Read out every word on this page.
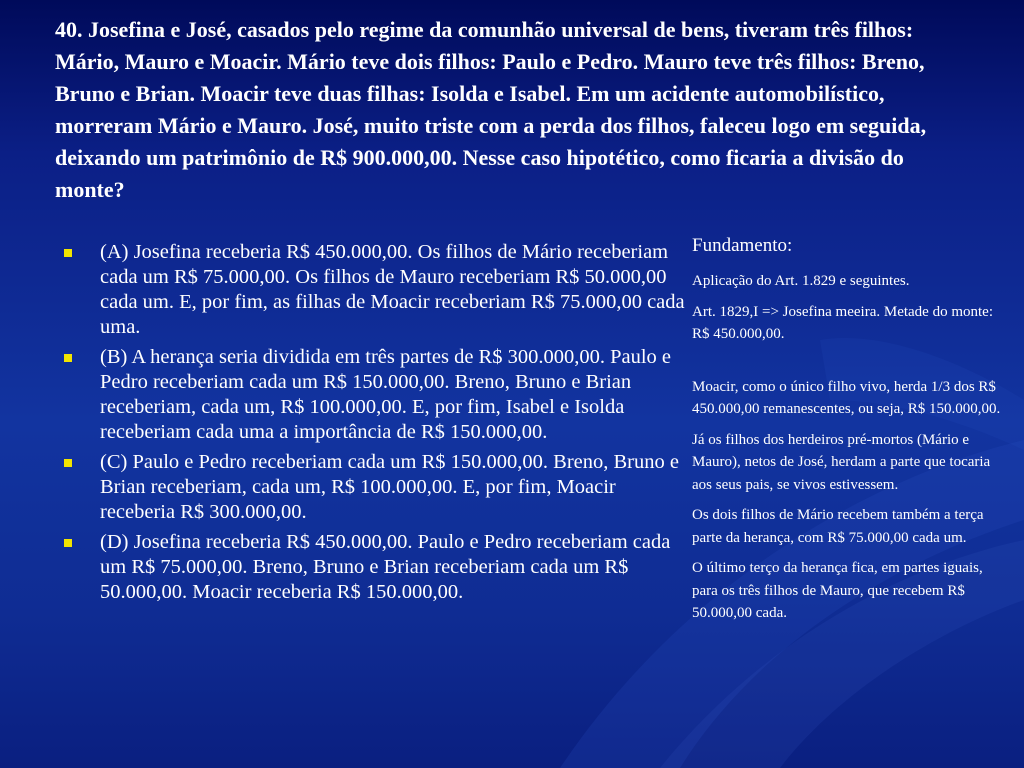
40. Josefina e José, casados pelo regime da comunhão universal de bens, tiveram três filhos: Mário, Mauro e Moacir. Mário teve dois filhos: Paulo e Pedro. Mauro teve três filhos: Breno, Bruno e Brian. Moacir teve duas filhas: Isolda e Isabel. Em um acidente automobilístico, morreram Mário e Mauro. José, muito triste com a perda dos filhos, faleceu logo em seguida, deixando um patrimônio de R$ 900.000,00. Nesse caso hipotético, como ficaria a divisão do monte?
(A) Josefina receberia R$ 450.000,00. Os filhos de Mário receberiam cada um R$ 75.000,00. Os filhos de Mauro receberiam R$ 50.000,00 cada um. E, por fim, as filhas de Moacir receberiam R$ 75.000,00 cada uma.
(B) A herança seria dividida em três partes de R$ 300.000,00. Paulo e Pedro receberiam cada um R$ 150.000,00. Breno, Bruno e Brian receberiam, cada um, R$ 100.000,00. E, por fim, Isabel e Isolda receberiam cada uma a importância de R$ 150.000,00.
(C) Paulo e Pedro receberiam cada um R$ 150.000,00. Breno, Bruno e Brian receberiam, cada um, R$ 100.000,00. E, por fim, Moacir receberia R$ 300.000,00.
(D) Josefina receberia R$ 450.000,00. Paulo e Pedro receberiam cada um R$ 75.000,00. Breno, Bruno e Brian receberiam cada um R$ 50.000,00. Moacir receberia R$ 150.000,00.
Fundamento:

Aplicação do Art. 1.829 e seguintes.

Art. 1829,I => Josefina meeira. Metade do monte: R$ 450.000,00.

Moacir, como o único filho vivo, herda 1/3 dos R$ 450.000,00 remanescentes, ou seja, R$ 150.000,00.

Já os filhos dos herdeiros pré-mortos (Mário e Mauro), netos de José, herdam a parte que tocaria aos seus pais, se vivos estivessem.

Os dois filhos de Mário recebem também a terça parte da herança, com R$ 75.000,00 cada um.

O último terço da herança fica, em partes iguais, para os três filhos de Mauro, que recebem R$ 50.000,00 cada.
